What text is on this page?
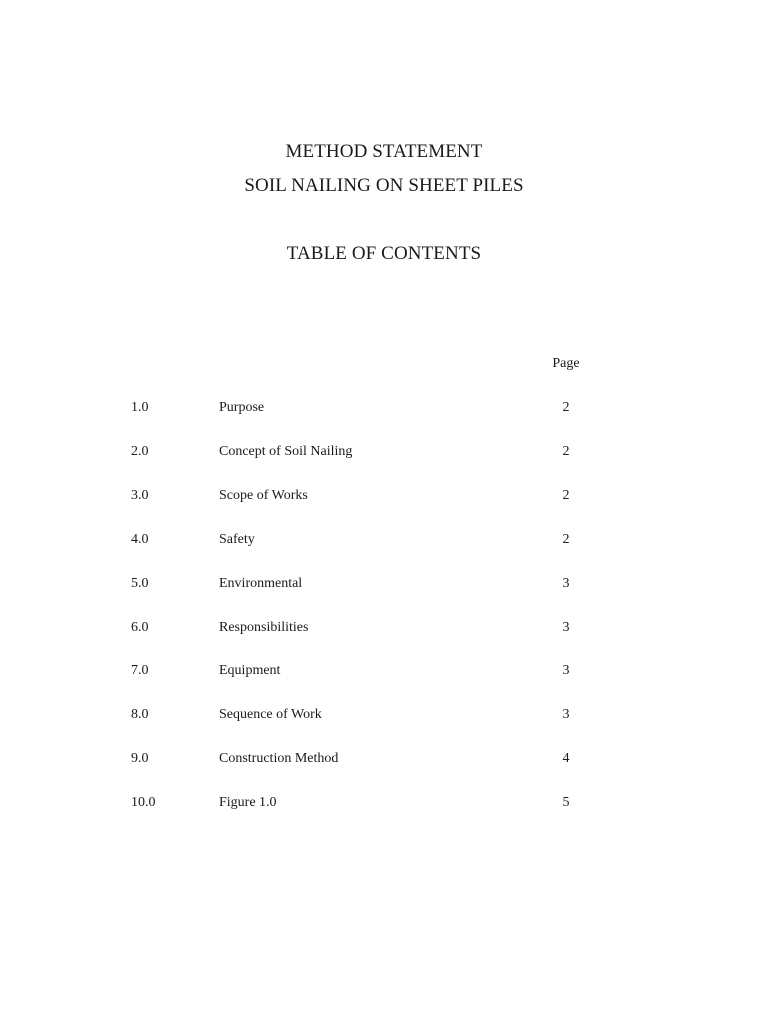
METHOD STATEMENT
SOIL NAILING ON SHEET PILES
TABLE OF CONTENTS
Page
1.0	Purpose	2
2.0	Concept of Soil Nailing	2
3.0	Scope of Works	2
4.0	Safety	2
5.0	Environmental	3
6.0	Responsibilities	3
7.0	Equipment	3
8.0	Sequence of Work	3
9.0	Construction Method	4
10.0	Figure 1.0	5
